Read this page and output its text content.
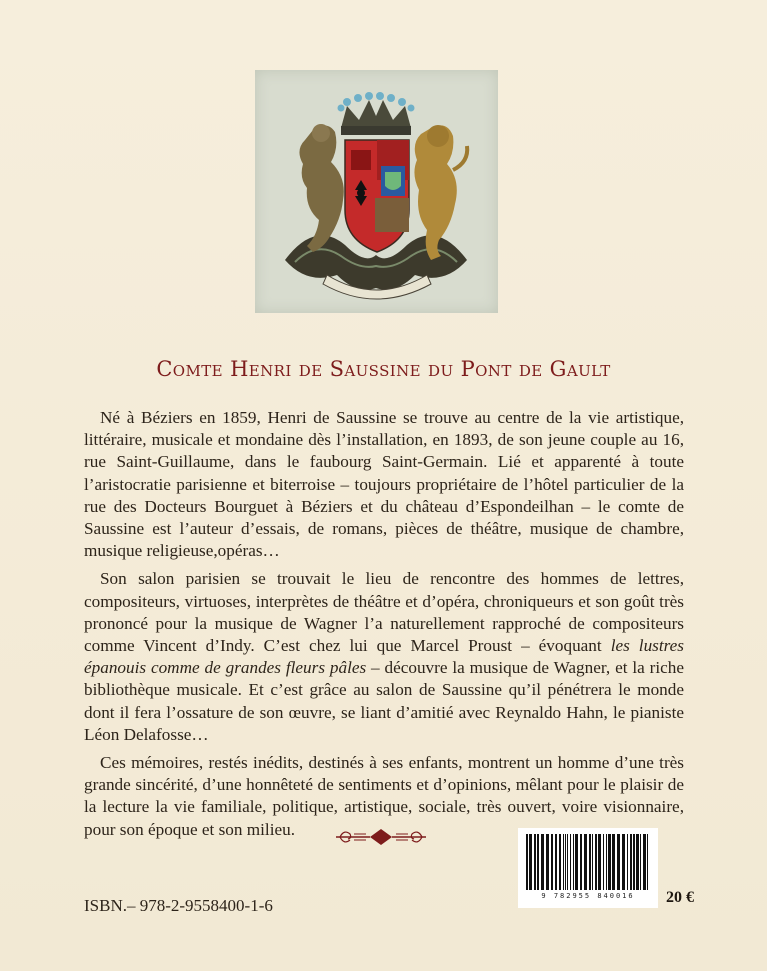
Comte Henri de Saussine du Pont de Gault

Né à Béziers en 1859, Henri de Saussine se trouve au centre de la vie artistique, littéraire, musicale et mondaine dès l’installation, en 1893, de son jeune couple au 16, rue Saint-Guillaume, dans le faubourg Saint-Germain. Lié et apparenté à toute l’aristocratie parisienne et biterroise – toujours propriétaire de l’hôtel particulier de la rue des Docteurs Bourguet à Béziers et du château d’Espondeilhan – le comte de Saussine est l’auteur d’essais, de romans, pièces de théâtre, musique de chambre, musique religieuse,opéras…

Son salon parisien se trouvait le lieu de rencontre des hommes de lettres, compositeurs, virtuoses, interprètes de théâtre et d’opéra, chroniqueurs et son goût très prononcé pour la musique de Wagner l’a naturellement rapproché de compositeurs comme Vincent d’Indy. C’est chez lui que Marcel Proust – évoquant les lustres épanouis comme de grandes fleurs pâles – découvre la musique de Wagner, et la riche bibliothèque musicale. Et c’est grâce au salon de Saussine qu’il pénétrera le monde dont il fera l’ossature de son œuvre, se liant d’amitié avec Reynaldo Hahn, le pianiste Léon Delafosse…

Ces mémoires, restés inédits, destinés à ses enfants, montrent un homme d’une très grande sincérité, d’une honnêteté de sentiments et d’opinions, mêlant pour le plaisir de la lecture la vie familiale, politique, artistique, sociale, très ouvert, voire visionnaire, pour son époque et son milieu.

ISBN.– 978-2-9558400-1-6	9 782955 840016	20 €
